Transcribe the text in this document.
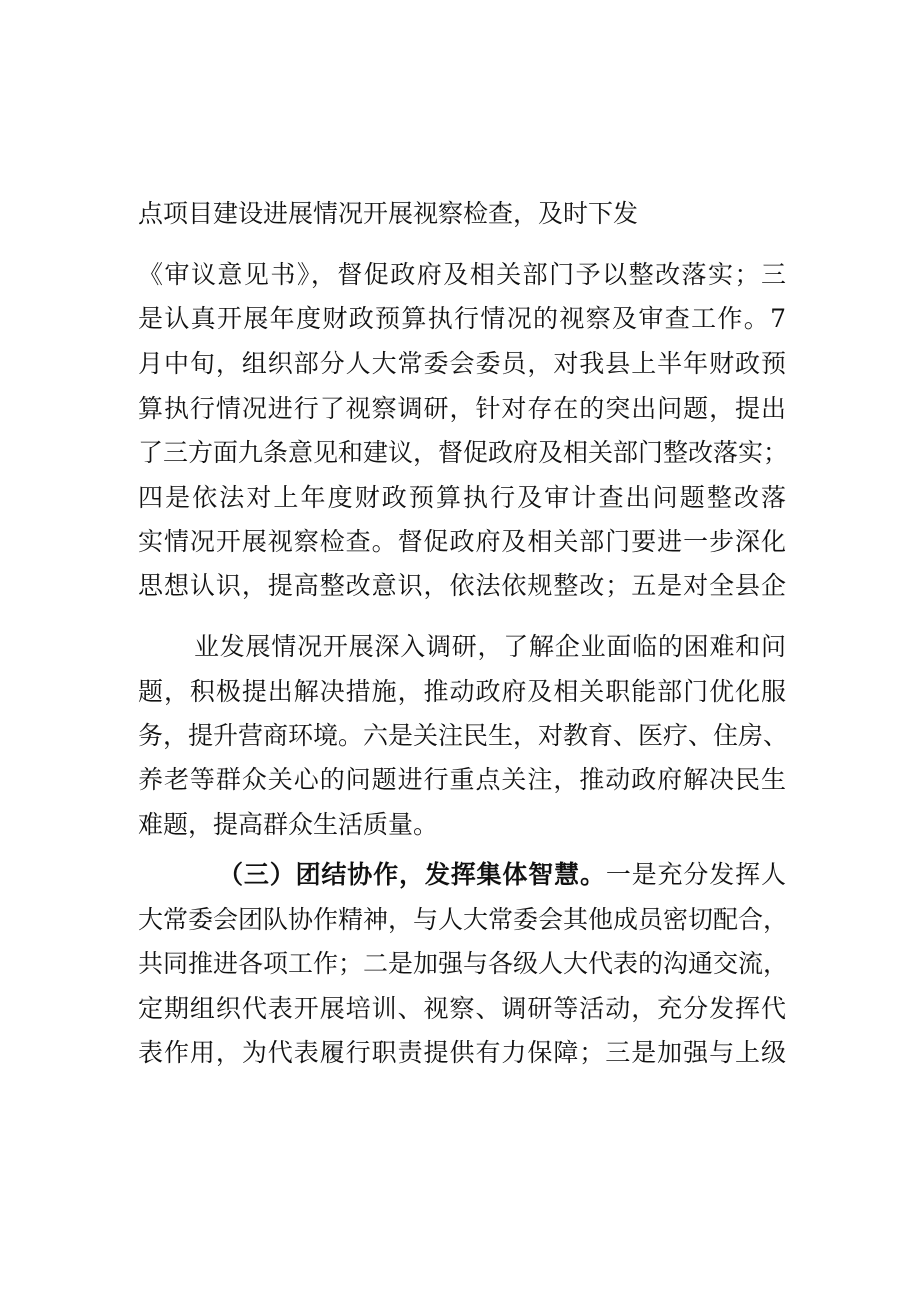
点项目建设进展情况开展视察检查，及时下发
《审议意见书》，督促政府及相关部门予以整改落实；三
是认真开展年度财政预算执行情况的视察及审查工作。7
月中旬，组织部分人大常委会委员，对我县上半年财政预
算执行情况进行了视察调研，针对存在的突出问题，提出
了三方面九条意见和建议，督促政府及相关部门整改落实；
四是依法对上年度财政预算执行及审计查出问题整改落
实情况开展视察检查。督促政府及相关部门要进一步深化
思想认识，提高整改意识，依法依规整改；五是对全县企
业发展情况开展深入调研，了解企业面临的困难和问
题，积极提出解决措施，推动政府及相关职能部门优化服
务，提升营商环境。六是关注民生，对教育、医疗、住房、
养老等群众关心的问题进行重点关注，推动政府解决民生
难题，提高群众生活质量。
（三）团结协作，发挥集体智慧。一是充分发挥人
大常委会团队协作精神，与人大常委会其他成员密切配合，
共同推进各项工作；二是加强与各级人大代表的沟通交流，
定期组织代表开展培训、视察、调研等活动，充分发挥代
表作用，为代表履行职责提供有力保障；三是加强与上级
